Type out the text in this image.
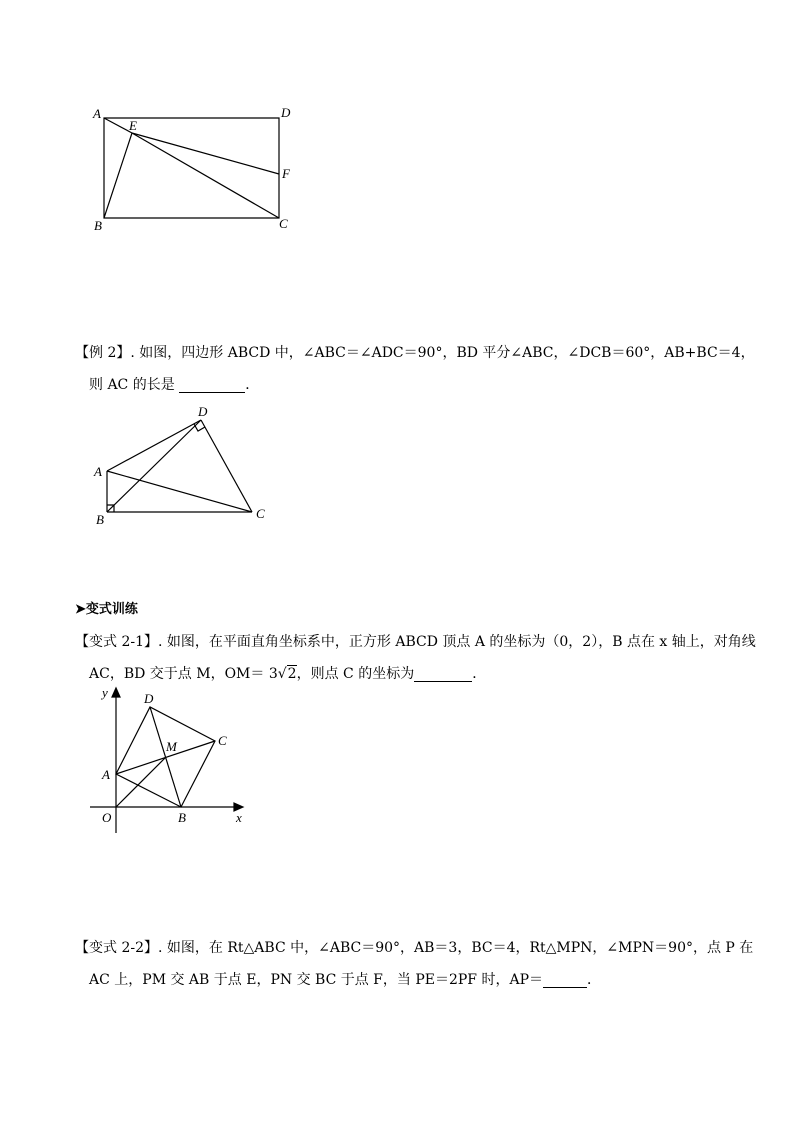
A
E
D
F
B	C
【例 2】. 如图，四边形 ABCD 中，∠ABC＝∠ADC＝90°，BD 平分∠ABC，∠DCB＝60°，AB+BC＝4，
则 AC 的长是	．
D
A
B	C
➤变式训练
【变式 2-1】. 如图，在平面直角坐标系中，正方形 ABCD 顶点 A 的坐标为（0，2），B 点在 x 轴上，对角线
AC，BD 交于点 M，OM＝ 3√2，则点 C 的坐标为	．
y	D
M	C
A
O	B	x
【变式 2-2】. 如图，在 Rt△ABC 中，∠ABC＝90°，AB＝3，BC＝4，Rt△MPN，∠MPN＝90°，点 P 在
AC 上，PM 交 AB 于点 E，PN 交 BC 于点 F，当 PE＝2PF 时，AP＝	．
